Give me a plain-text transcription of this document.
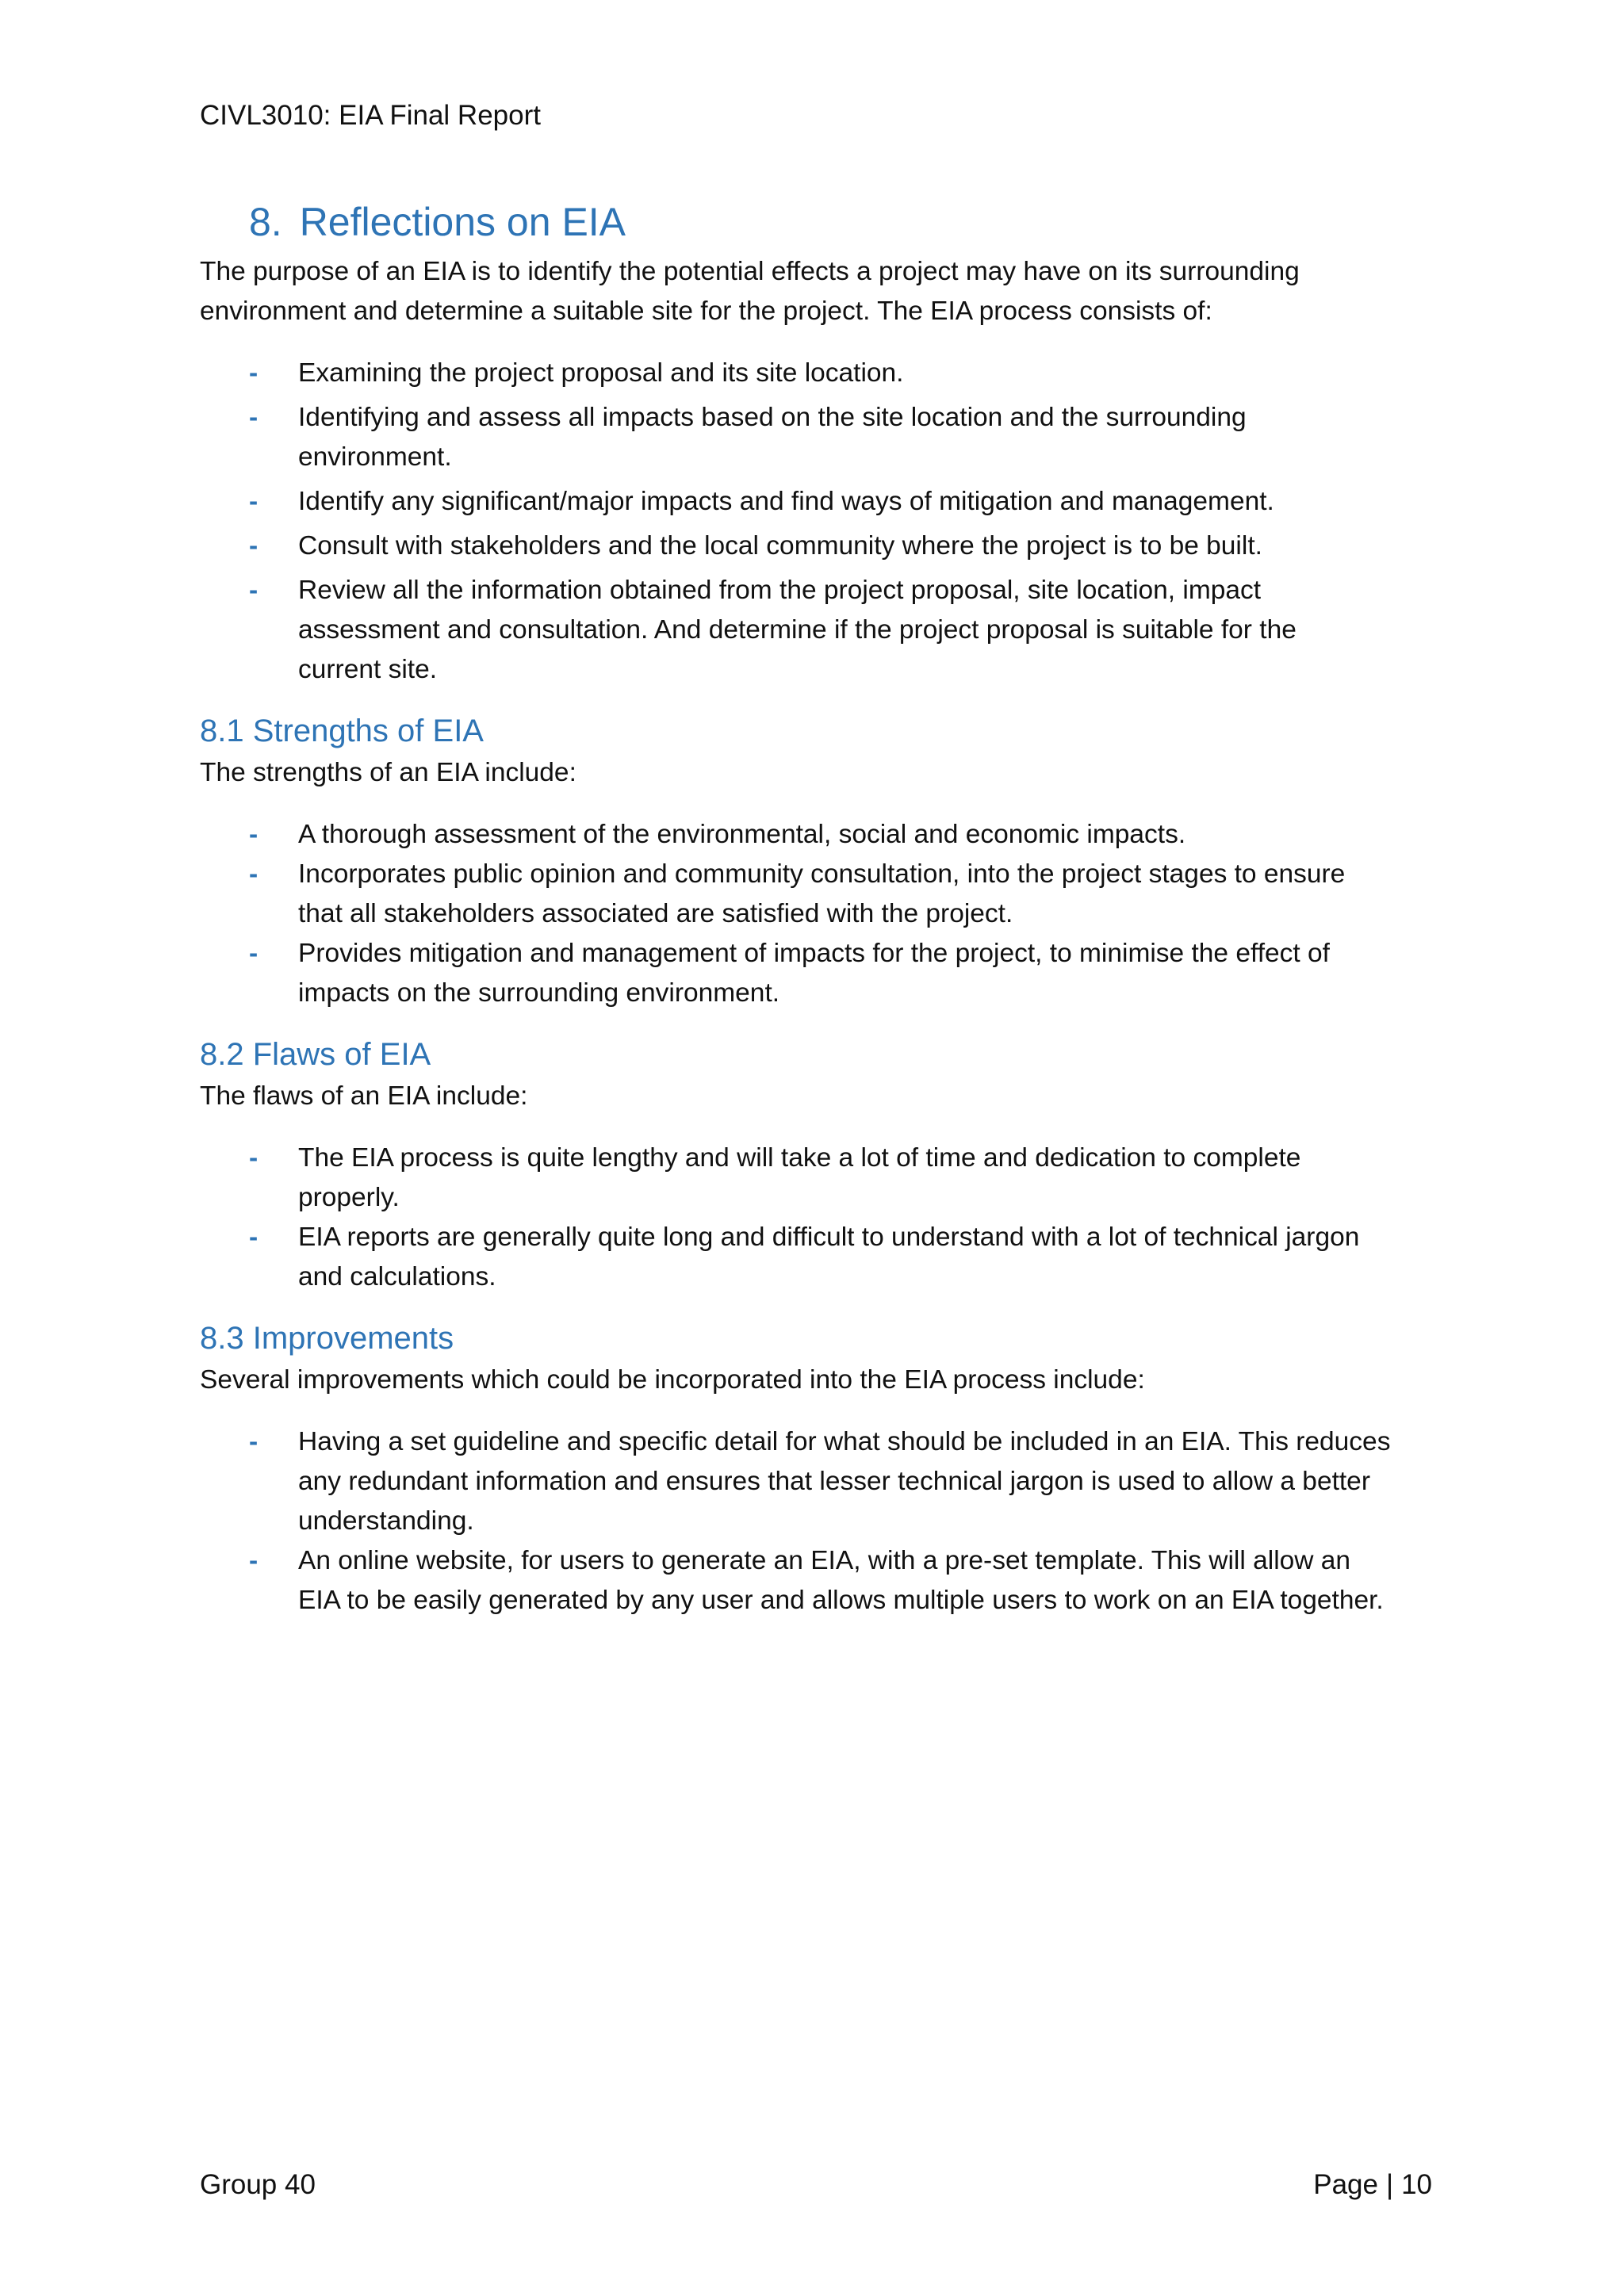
CIVL3010: EIA Final Report
8. Reflections on EIA

The purpose of an EIA is to identify the potential effects a project may have on its surrounding
environment and determine a suitable site for the project. The EIA process consists of:

- Examining the project proposal and its site location.
- Identifying and assess all impacts based on the site location and the surrounding
environment.
- Identify any significant/major impacts and find ways of mitigation and management.
- Consult with stakeholders and the local community where the project is to be built.
- Review all the information obtained from the project proposal, site location, impact
assessment and consultation. And determine if the project proposal is suitable for the
current site.
8.1 Strengths of EIA

The strengths of an EIA include:

- A thorough assessment of the environmental, social and economic impacts.
- Incorporates public opinion and community consultation, into the project stages to ensure
that all stakeholders associated are satisfied with the project.
- Provides mitigation and management of impacts for the project, to minimise the effect of
impacts on the surrounding environment.
8.2 Flaws of EIA

The flaws of an EIA include:

- The EIA process is quite lengthy and will take a lot of time and dedication to complete
properly.
- EIA reports are generally quite long and difficult to understand with a lot of technical jargon
and calculations.
8.3 Improvements

Several improvements which could be incorporated into the EIA process include:

- Having a set guideline and specific detail for what should be included in an EIA. This reduces
any redundant information and ensures that lesser technical jargon is used to allow a better
understanding.
- An online website, for users to generate an EIA, with a pre-set template. This will allow an
EIA to be easily generated by any user and allows multiple users to work on an EIA together.
Group 40	Page | 10
